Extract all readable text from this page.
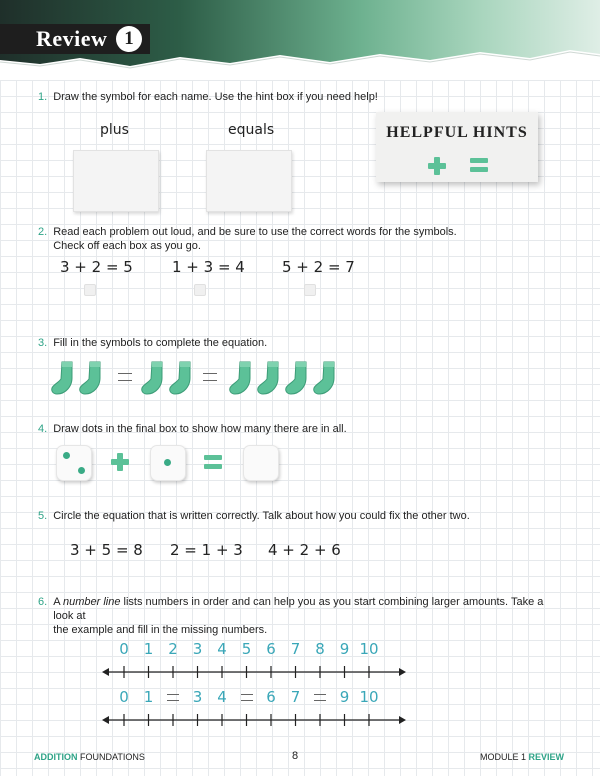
Review 1
1. Draw the symbol for each name. Use the hint box if you need help!
plus	equals	HELPFUL HINTS
2. Read each problem out loud, and be sure to use the correct words for the symbols.
Check off each box as you go.
3 + 2 = 5	1 + 3 = 4 5 + 2 = 7
3. Fill in the symbols to complete the equation.
4. Draw dots in the final box to show how many there are in all.
5. Circle the equation that is written correctly. Talk about how you could fix the other two.
3 + 5 = 8 2 = 1 + 3 4 + 2 + 6
6. A number line lists numbers in order and can help you as you start combining larger amounts. Take a look at
the example and fill in the missing numbers.
0 1 2 3 4 5 6 7 8 9 10
0 1	3 4	6 7	9 10
ADDITION FOUNDATIONS	8	MODULE 1 REVIEW
